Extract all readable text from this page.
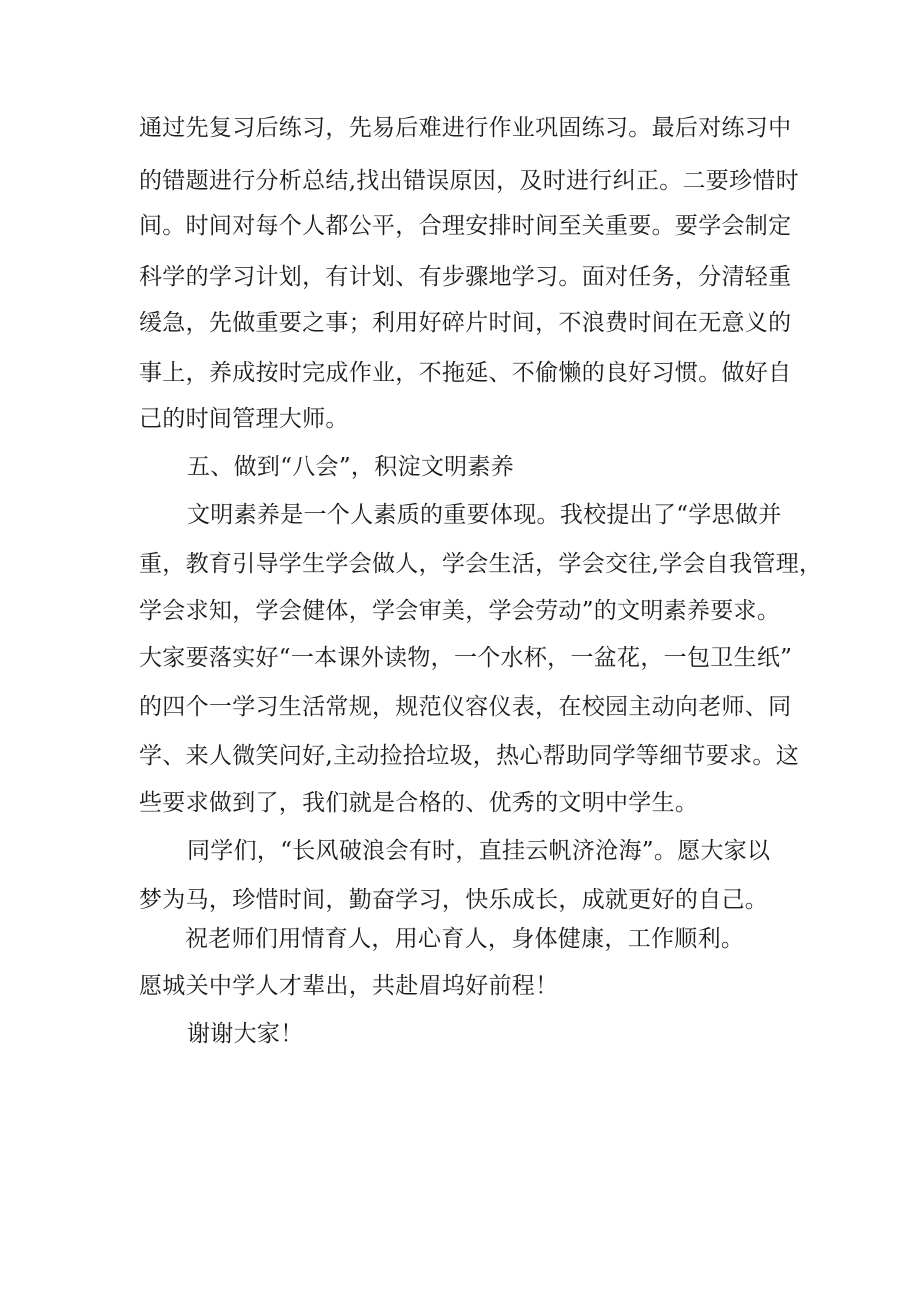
通过先复习后练习，先易后难进行作业巩固练习。最后对练习中
的错题进行分析总结,找出错误原因，及时进行纠正。二要珍惜时
间。时间对每个人都公平，合理安排时间至关重要。要学会制定
科学的学习计划，有计划、有步骤地学习。面对任务，分清轻重
缓急，先做重要之事；利用好碎片时间，不浪费时间在无意义的
事上，养成按时完成作业，不拖延、不偷懒的良好习惯。做好自
己的时间管理大师。
五、做到“八会”，积淀文明素养
文明素养是一个人素质的重要体现。我校提出了“学思做并
重，教育引导学生学会做人，学会生活，学会交往,学会自我管理，
学会求知，学会健体，学会审美，学会劳动”的文明素养要求。
大家要落实好“一本课外读物，一个水杯，一盆花，一包卫生纸”
的四个一学习生活常规，规范仪容仪表，在校园主动向老师、同
学、来人微笑问好,主动捡拾垃圾，热心帮助同学等细节要求。这
些要求做到了，我们就是合格的、优秀的文明中学生。
同学们，“长风破浪会有时，直挂云帆济沧海”。愿大家以
梦为马，珍惜时间，勤奋学习，快乐成长，成就更好的自己。
祝老师们用情育人，用心育人，身体健康，工作顺利。
愿城关中学人才辈出，共赴眉坞好前程！
谢谢大家！
